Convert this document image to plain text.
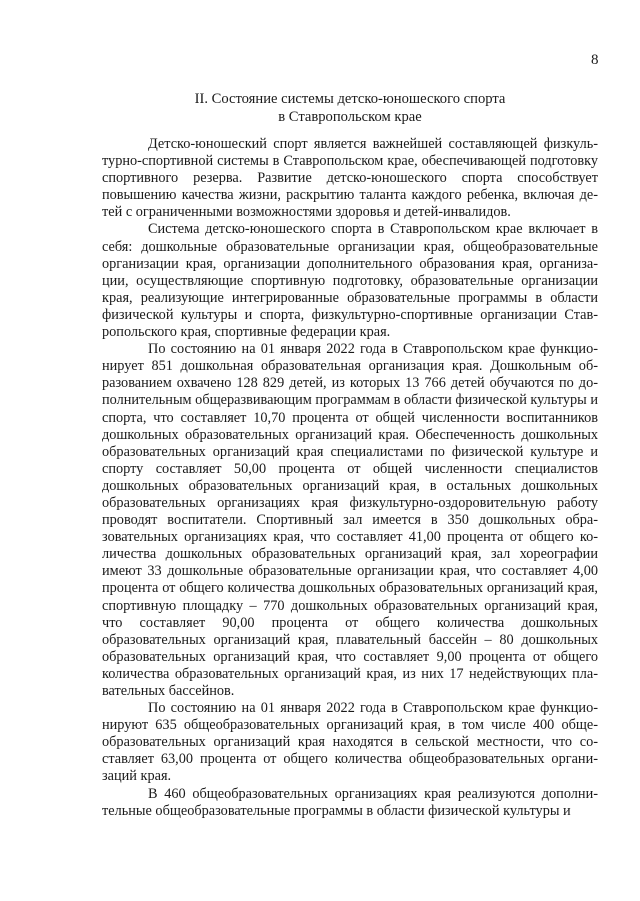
8
II. Состояние системы детско-юношеского спорта
в Ставропольском крае

Детско-юношеский спорт является важнейшей составляющей физкультурно-спортивной системы в Ставропольском крае, обеспечивающей подготовку спортивного резерва. Развитие детско-юношеского спорта способствует повышению качества жизни, раскрытию таланта каждого ребенка, включая детей с ограниченными возможностями здоровья и детей-инвалидов.

Система детско-юношеского спорта в Ставропольском крае включает в себя: дошкольные образовательные организации края, общеобразовательные организации края, организации дополнительного образования края, организации, осуществляющие спортивную подготовку, образовательные организации края, реализующие интегрированные образовательные программы в области физической культуры и спорта, физкультурно-спортивные организации Ставропольского края, спортивные федерации края.

По состоянию на 01 января 2022 года в Ставропольском крае функционирует 851 дошкольная образовательная организация края. Дошкольным образованием охвачено 128 829 детей, из которых 13 766 детей обучаются по дополнительным общеразвивающим программам в области физической культуры и спорта, что составляет 10,70 процента от общей численности воспитанников дошкольных образовательных организаций края. Обеспеченность дошкольных образовательных организаций края специалистами по физической культуре и спорту составляет 50,00 процента от общей численности специалистов дошкольных образовательных организаций края, в остальных дошкольных образовательных организациях края физкультурно-оздоровительную работу проводят воспитатели. Спортивный зал имеется в 350 дошкольных образовательных организациях края, что составляет 41,00 процента от общего количества дошкольных образовательных организаций края, зал хореографии имеют 33 дошкольные образовательные организации края, что составляет 4,00 процента от общего количества дошкольных образовательных организаций края, спортивную площадку – 770 дошкольных образовательных организаций края, что составляет 90,00 процента от общего количества дошкольных образовательных организаций края, плавательный бассейн – 80 дошкольных образовательных организаций края, что составляет 9,00 процента от общего количества образовательных организаций края, из них 17 недействующих плавательных бассейнов.

По состоянию на 01 января 2022 года в Ставропольском крае функционируют 635 общеобразовательных организаций края, в том числе 400 общеобразовательных организаций края находятся в сельской местности, что составляет 63,00 процента от общего количества общеобразовательных организаций края.

В 460 общеобразовательных организациях края реализуются дополнительные общеобразовательные программы в области физической культуры и
